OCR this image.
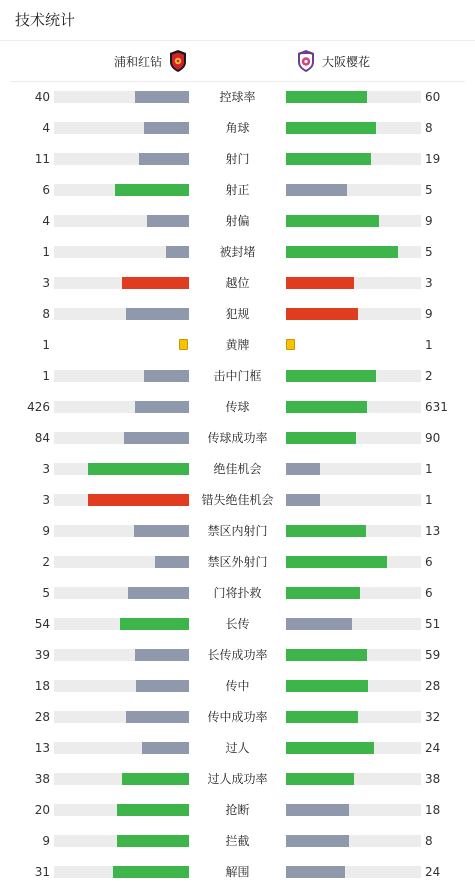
技术统计
浦和红钻	大阪樱花
40	控球率	60
4	角球	8
11	射门	19
6	射正	5
4	射偏	9
1	被封堵	5
3	越位	3
8	犯规	9
1	黄牌	1
1	击中门框	2
426	传球	631
84	传球成功率	90
3	绝佳机会	1
3	错失绝佳机会	1
9	禁区内射门	13
2	禁区外射门	6
5	门将扑救	6
54	长传	51
39	长传成功率	59
18	传中	28
28	传中成功率	32
13	过人	24
38	过人成功率	38
20	抢断	18
9	拦截	8
31	解围	24
